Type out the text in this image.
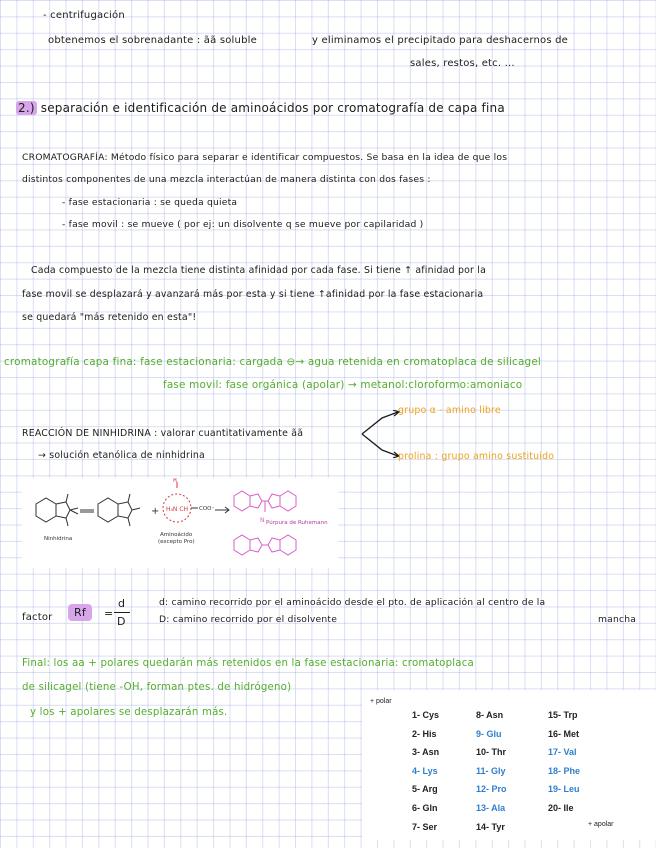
- centrifugación
obtenemos el sobrenadante : ãã soluble	y eliminamos el precipitado para deshacernos de
sales, restos, etc. ...
2.) separación e identificación de aminoácidos por cromatografía de capa fina
CROMATOGRAFÍA: Método físico para separar e identificar compuestos. Se basa en la idea de que los
distintos componentes de una mezcla interactúan de manera distinta con dos fases :
- fase estacionaria : se queda quieta
- fase movil : se mueve ( por ej: un disolvente q se mueve por capilaridad )
Cada compuesto de la mezcla tiene distinta afinidad por cada fase. Si tiene ↑ afinidad por la
fase movil se desplazará y avanzará más por esta y si tiene ↑afinidad por la fase estacionaria
se quedará "más retenido en esta"!
cromatografía capa fina: fase estacionaria: cargada ⊖→ agua retenida en cromatoplaca de silicagel
fase movil: fase orgánica (apolar) → metanol:cloroformo:amoniaco
grupo α - amino libre
REACCIÓN DE NINHIDRINA : valorar cuantitativamente ãã
prolina : grupo amino sustituido
→ solución etanólica de ninhidrina
+ H₃N CH
R
COO⁻
N
Ninhidrina
Aminoácido
(excepto Pro)
Púrpura de Ruhemann
factor	Rf	=
d
D
d: camino recorrido por el aminoácido desde el pto. de aplicación al centro de la
D: camino recorrido por el disolvente	mancha
Final: los aa + polares quedarán más retenidos en la fase estacionaria: cromatoplaca
de silicagel (tiene -OH, forman ptes. de hidrógeno)
y los + apolares se desplazarán más.
+ polar
+ apolar
1- Cys
2- His
3- Asn
4- Lys
5- Arg
6- Gln
7- Ser
8- Asn
9- Glu
10- Thr
11- Gly
12- Pro
13- Ala
14- Tyr
15- Trp
16- Met
17- Val
18- Phe
19- Leu
20- Ile
